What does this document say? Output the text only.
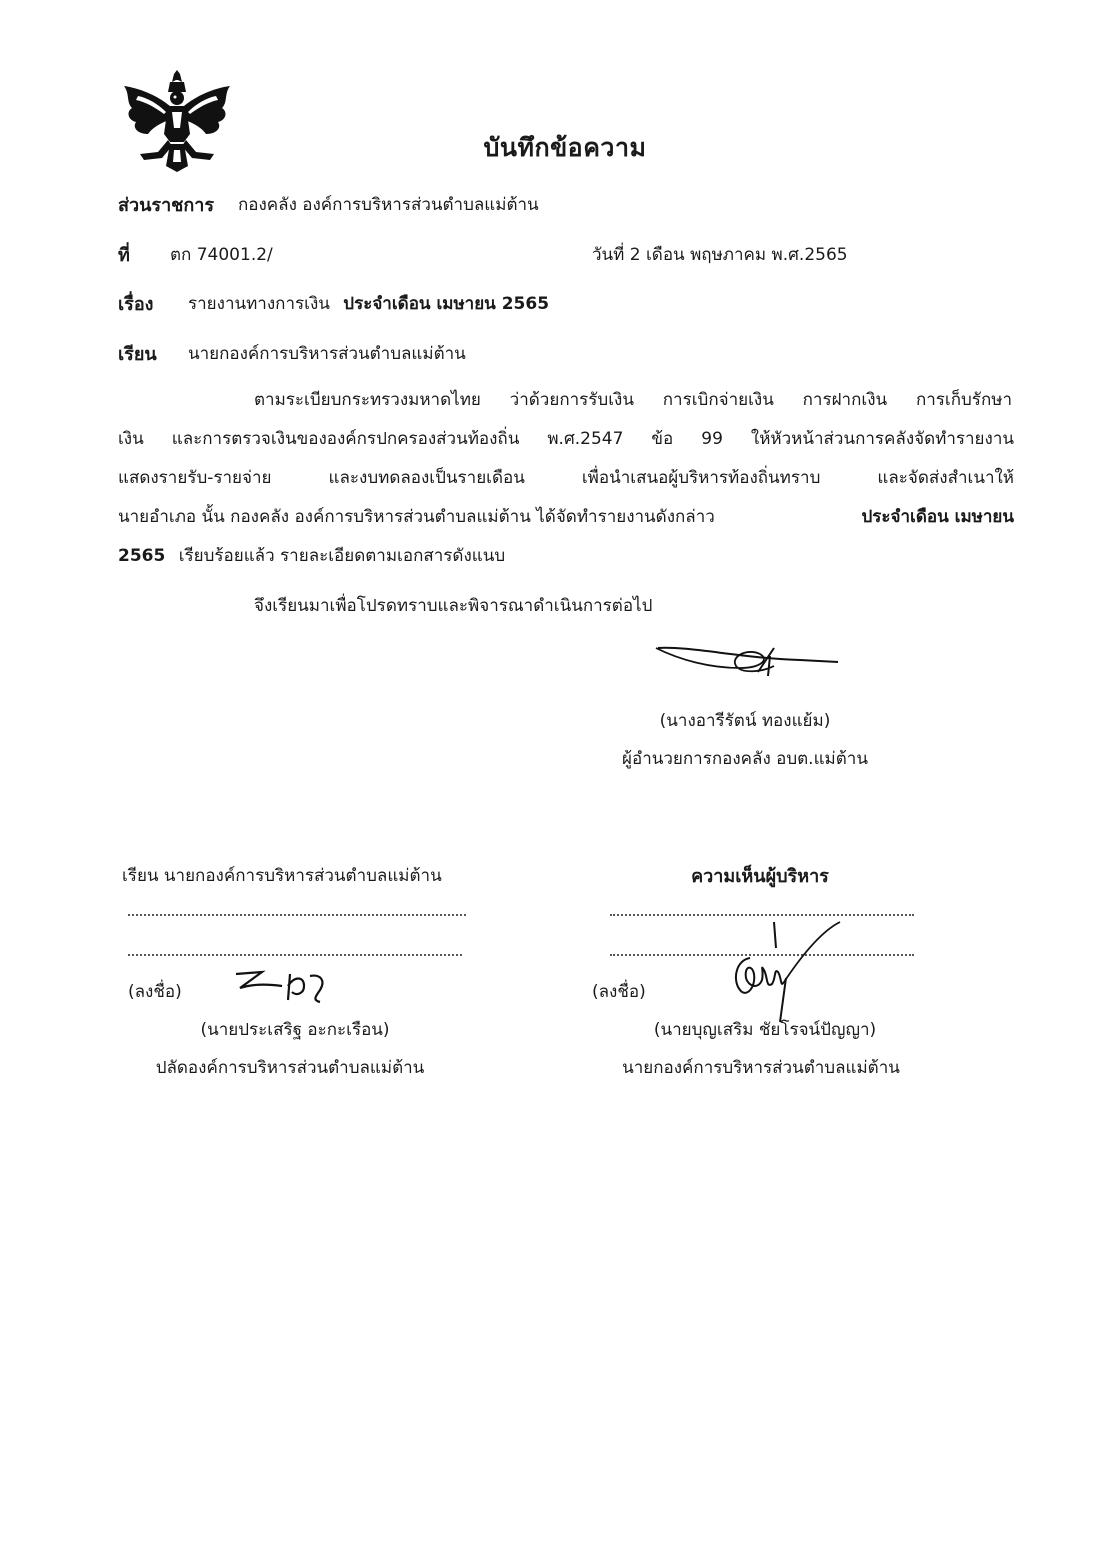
บันทึกข้อความ
ส่วนราชการ กองคลัง องค์การบริหารส่วนตำบลแม่ต้าน
ที่ ตก 74001.2/	วันที่ 2 เดือน พฤษภาคม พ.ศ.2565
เรื่อง รายงานทางการเงิน ประจำเดือน เมษายน 2565
เรียน นายกองค์การบริหารส่วนตำบลแม่ต้าน
ตามระเบียบกระทรวงมหาดไทย ว่าด้วยการรับเงิน การเบิกจ่ายเงิน การฝากเงิน การเก็บรักษา
เงิน และการตรวจเงินขององค์กรปกครองส่วนท้องถิ่น พ.ศ.2547 ข้อ 99 ให้หัวหน้าส่วนการคลังจัดทำรายงาน
แสดงรายรับ-รายจ่าย และงบทดลองเป็นรายเดือน เพื่อนำเสนอผู้บริหารท้องถิ่นทราบ และจัดส่งสำเนาให้
นายอำเภอ นั้น กองคลัง องค์การบริหารส่วนตำบลแม่ต้าน ได้จัดทำรายงานดังกล่าว	ประจำเดือน เมษายน
2565 เรียบร้อยแล้ว รายละเอียดตามเอกสารดังแนบ
จึงเรียนมาเพื่อโปรดทราบและพิจารณาดำเนินการต่อไป
(นางอารีรัตน์ ทองแย้ม)
ผู้อำนวยการกองคลัง อบต.แม่ต้าน
เรียน นายกองค์การบริหารส่วนตำบลแม่ต้าน
(ลงชื่อ)
(นายประเสริฐ อะกะเรือน)
ปลัดองค์การบริหารส่วนตำบลแม่ต้าน
ความเห็นผู้บริหาร
(ลงชื่อ)
(นายบุญเสริม ชัยโรจน์ปัญญา)
นายกองค์การบริหารส่วนตำบลแม่ต้าน
